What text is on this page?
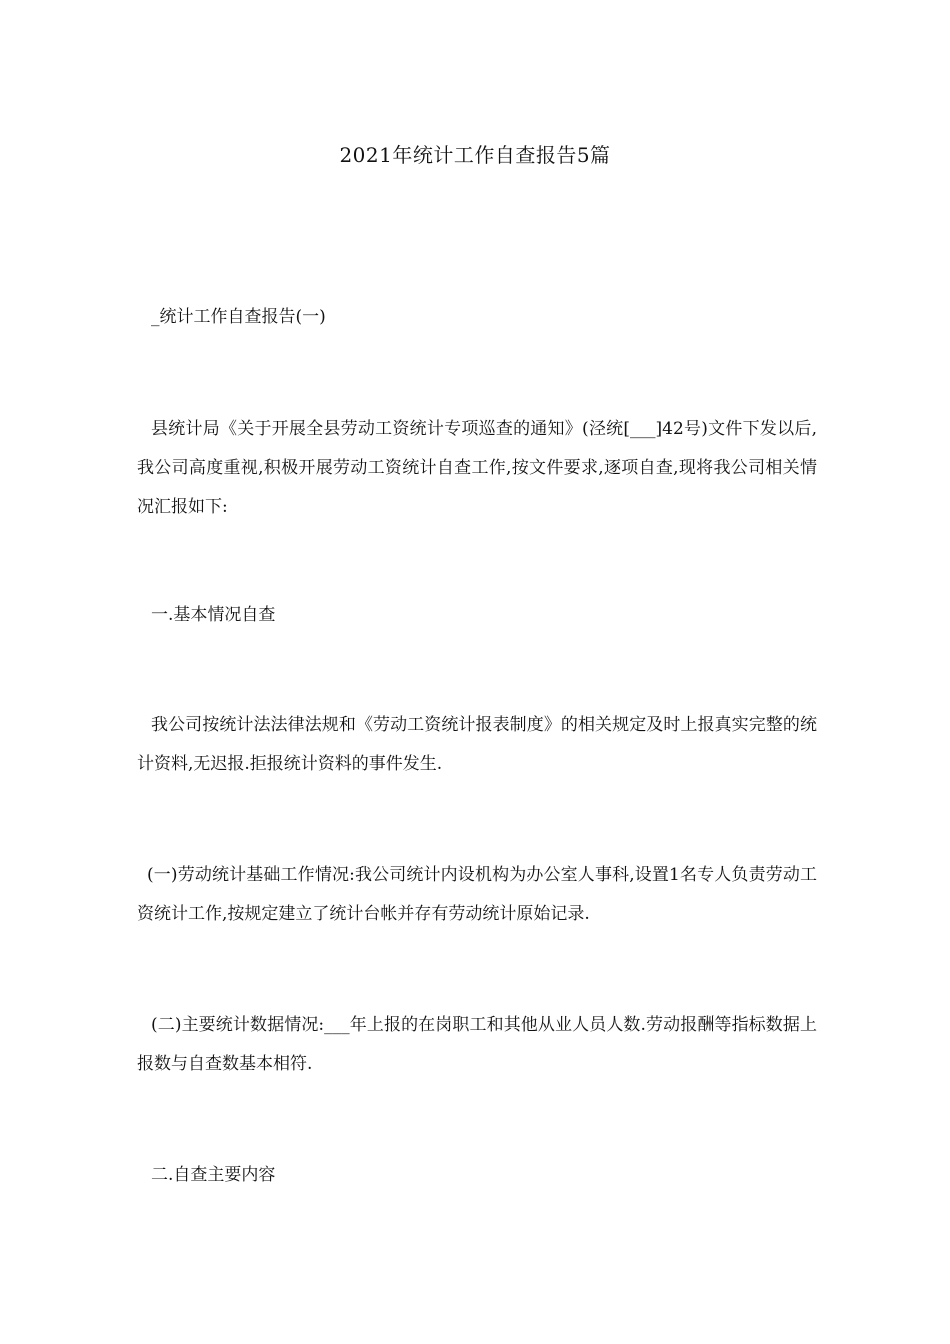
2021年统计工作自查报告5篇
_统计工作自查报告(一)
县统计局《关于开展全县劳动工资统计专项巡查的通知》(泾统[___]42号)文件下发以后,我公司高度重视,积极开展劳动工资统计自查工作,按文件要求,逐项自查,现将我公司相关情况汇报如下:
一.基本情况自查
我公司按统计法法律法规和《劳动工资统计报表制度》的相关规定及时上报真实完整的统计资料,无迟报.拒报统计资料的事件发生.
(一)劳动统计基础工作情况:我公司统计内设机构为办公室人事科,设置1名专人负责劳动工资统计工作,按规定建立了统计台帐并存有劳动统计原始记录.
(二)主要统计数据情况:___年上报的在岗职工和其他从业人员人数.劳动报酬等指标数据上报数与自查数基本相符.
二.自查主要内容
